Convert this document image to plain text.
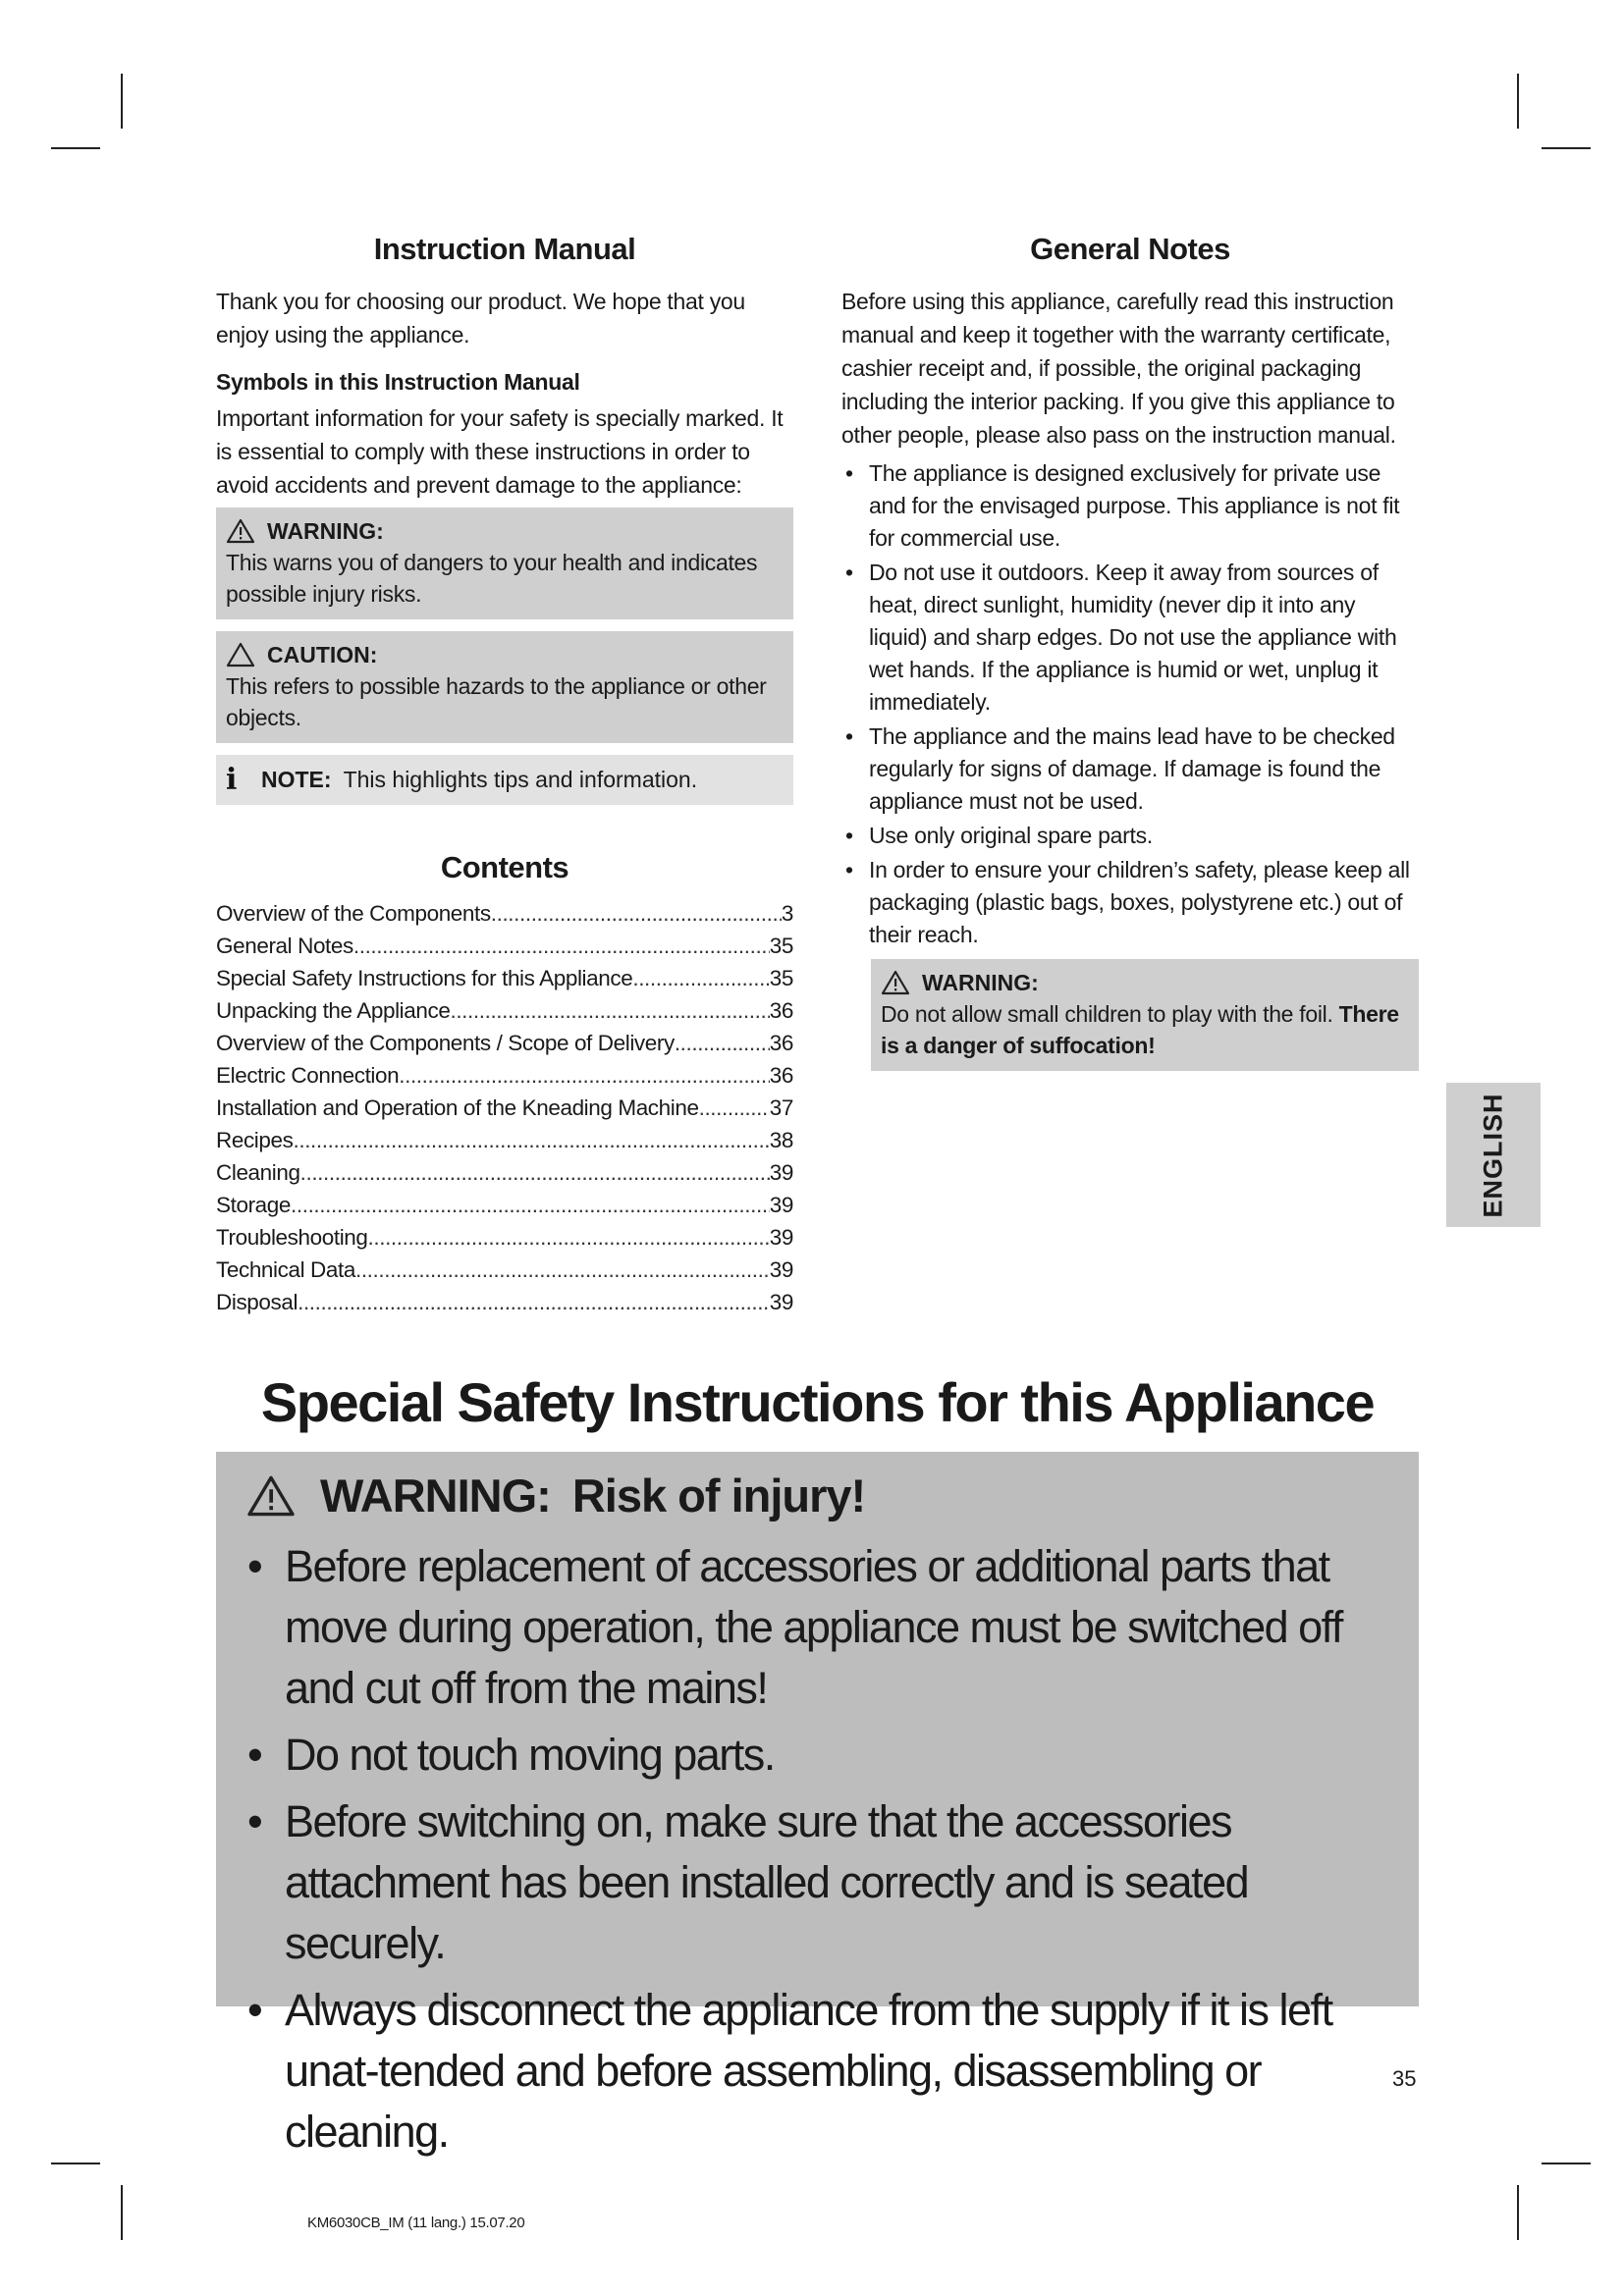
Instruction Manual

Thank you for choosing our product. We hope that you enjoy using the appliance.

Symbols in this Instruction Manual

Important information for your safety is specially marked. It is essential to comply with these instructions in order to avoid accidents and prevent damage to the appliance:

WARNING:
This warns you of dangers to your health and indicates possible injury risks.
CAUTION:
This refers to possible hazards to the appliance or other objects.
i	NOTE: This highlights tips and information.
Contents
Overview of the Components .....	3
General Notes .....	35
Special Safety Instructions for this Appliance .....	35
Unpacking the Appliance .....	36
Overview of the Components / Scope of Delivery .....	36
Electric Connection .....	36
Installation and Operation of the Kneading Machine .....	37
Recipes .....	38
Cleaning .....	39
Storage .....	39
Troubleshooting .....	39
Technical Data .....	39
Disposal .....	39
General Notes

Before using this appliance, carefully read this instruction manual and keep it together with the warranty certificate, cashier receipt and, if possible, the original packaging including the interior packing. If you give this appliance to other people, please also pass on the instruction manual.

• The appliance is designed exclusively for private use and for the envisaged purpose. This appliance is not fit for commercial use.
• Do not use it outdoors. Keep it away from sources of heat, direct sunlight, humidity (never dip it into any liquid) and sharp edges. Do not use the appliance with wet hands. If the appliance is humid or wet, unplug it immediately.
• The appliance and the mains lead have to be checked regularly for signs of damage. If damage is found the appliance must not be used.
• Use only original spare parts.
• In order to ensure your children’s safety, please keep all packaging (plastic bags, boxes, polystyrene etc.) out of their reach.
WARNING:
Do not allow small children to play with the foil. There is a danger of suffocation!
ENGLISH
Special Safety Instructions for this Appliance
WARNING: Risk of injury!
• Before replacement of accessories or additional parts that move during operation, the appliance must be switched off and cut off from the mains!
• Do not touch moving parts.
• Before switching on, make sure that the accessories attachment has been installed correctly and is seated securely.
• Always disconnect the appliance from the supply if it is left unat-tended and before assembling, disassembling or cleaning.
35
KM6030CB_IM (11 lang.) 15.07.20
